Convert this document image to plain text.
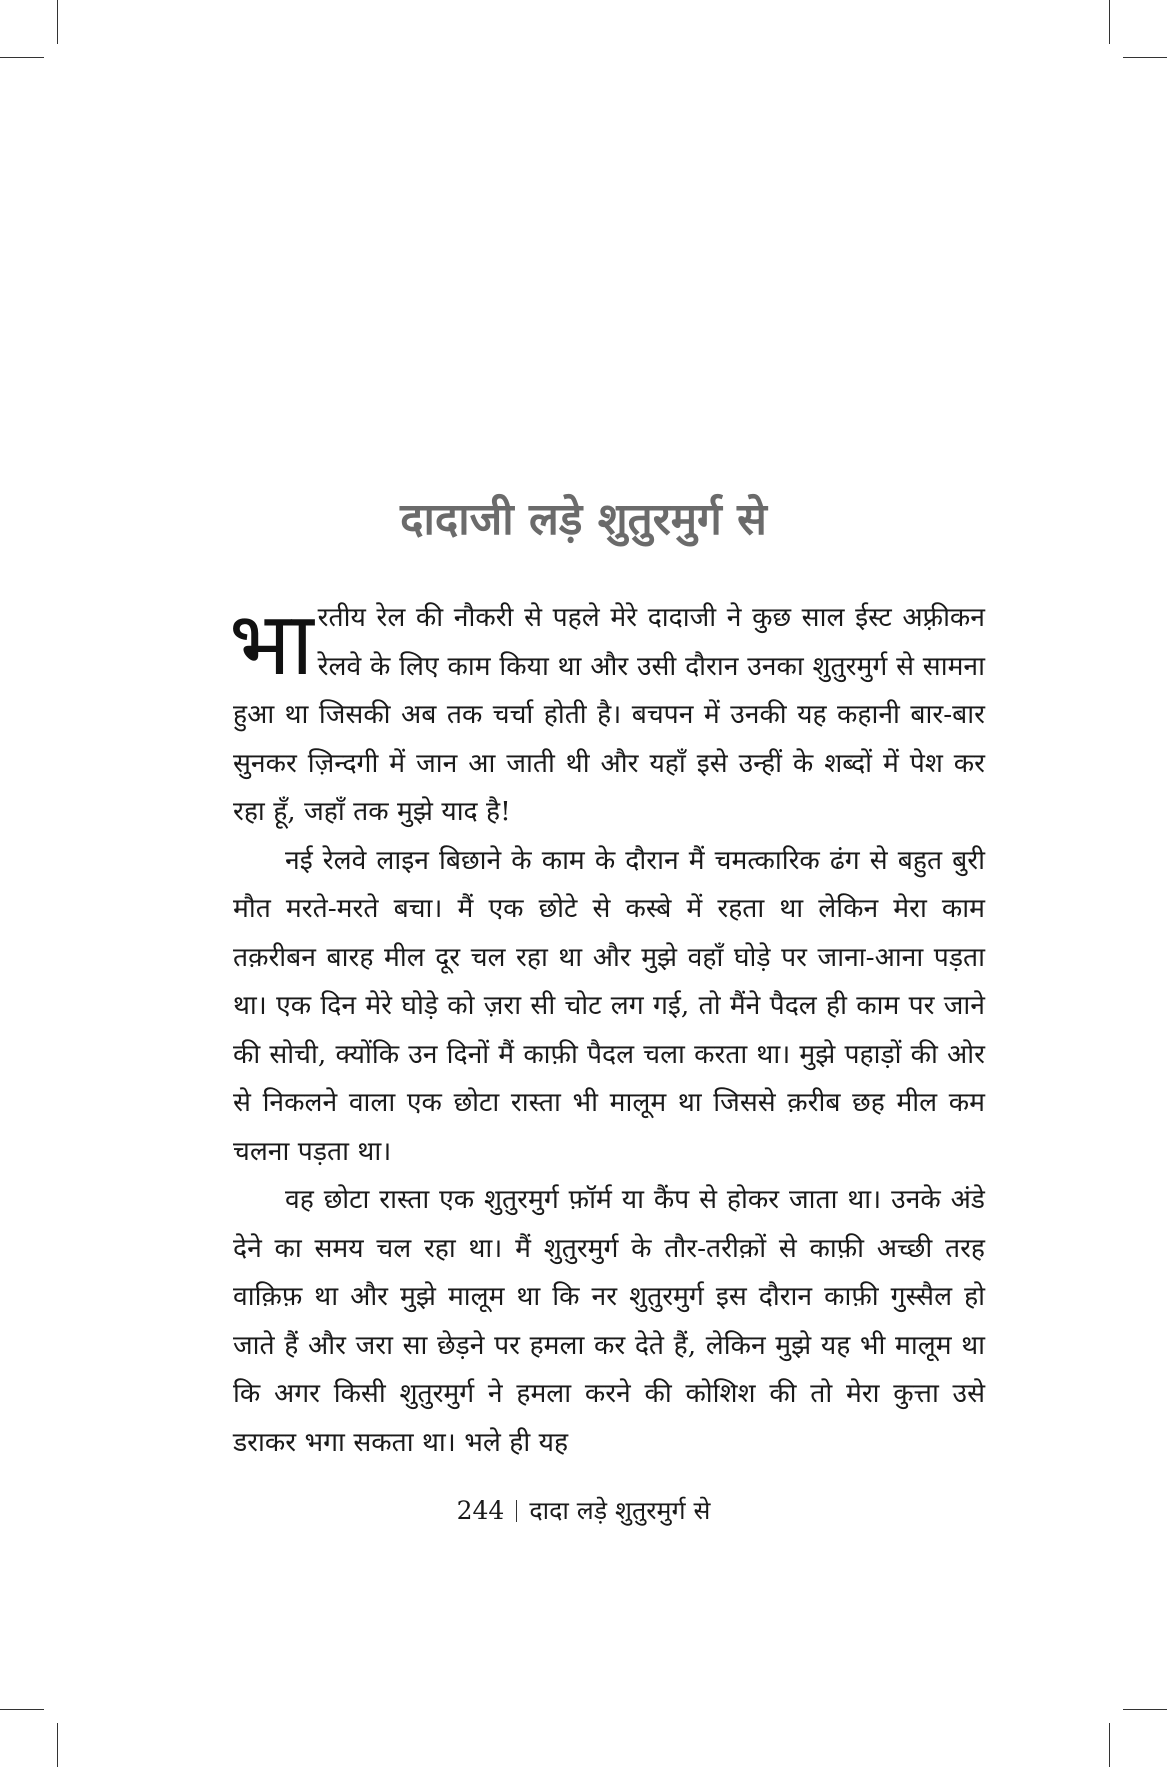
दादाजी लड़े शुतुरमुर्ग से

भारतीय रेल की नौकरी से पहले मेरे दादाजी ने कुछ साल ईस्ट अफ़्रीकन रेलवे के लिए काम किया था और उसी दौरान उनका शुतुरमुर्ग से सामना हुआ था जिसकी अब तक चर्चा होती है। बचपन में उनकी यह कहानी बार-बार सुनकर ज़िन्दगी में जान आ जाती थी और यहाँ इसे उन्हीं के शब्दों में पेश कर रहा हूँ, जहाँ तक मुझे याद है!

नई रेलवे लाइन बिछाने के काम के दौरान मैं चमत्कारिक ढंग से बहुत बुरी मौत मरते-मरते बचा। मैं एक छोटे से कस्बे में रहता था लेकिन मेरा काम तक़रीबन बारह मील दूर चल रहा था और मुझे वहाँ घोड़े पर जाना-आना पड़ता था। एक दिन मेरे घोड़े को ज़रा सी चोट लग गई, तो मैंने पैदल ही काम पर जाने की सोची, क्योंकि उन दिनों मैं काफ़ी पैदल चला करता था। मुझे पहाड़ों की ओर से निकलने वाला एक छोटा रास्ता भी मालूम था जिससे क़रीब छह मील कम चलना पड़ता था।

वह छोटा रास्ता एक शुतुरमुर्ग फ़ॉर्म या कैंप से होकर जाता था। उनके अंडे देने का समय चल रहा था। मैं शुतुरमुर्ग के तौर-तरीक़ों से काफ़ी अच्छी तरह वाक़िफ़ था और मुझे मालूम था कि नर शुतुरमुर्ग इस दौरान काफ़ी गुस्सैल हो जाते हैं और जरा सा छेड़ने पर हमला कर देते हैं, लेकिन मुझे यह भी मालूम था कि अगर किसी शुतुरमुर्ग ने हमला करने की कोशिश की तो मेरा कुत्ता उसे डराकर भगा सकता था। भले ही यह

244 दादा लड़े शुतुरमुर्ग से
